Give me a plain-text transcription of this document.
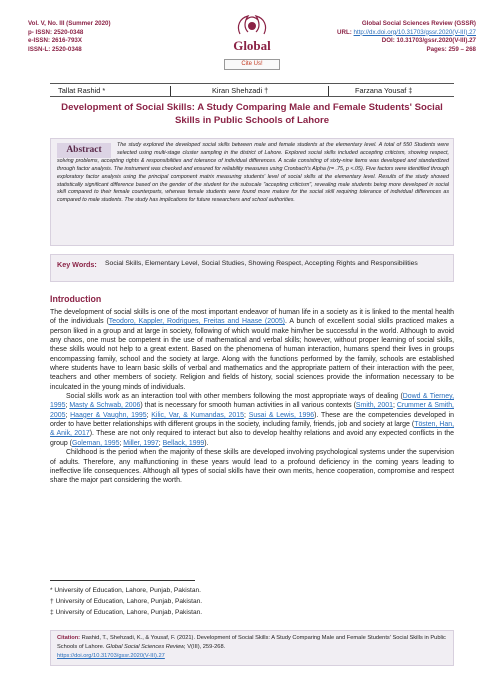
Vol. V, No. III (Summer 2020)
p- ISSN: 2520-0348
e-ISSN: 2616-793X
ISSN-L: 2520-0348	Global
Cite Us!
Global Social Sciences Review (GSSR)
URL: http://dx.doi.org/10.31703/gssr.2020(V-III).27
DOI: 10.31703/gssr.2020(V-III).27
Pages: 259 – 268
Tallat Rashid *	Kiran Shehzadi †	Farzana Yousaf ‡
Development of Social Skills: A Study Comparing Male and Female Students' Social Skills in Public Schools of Lahore
The study explored the developed social skills between male and female students at the elementary level. A total of 550 Students were selected using multi-stage cluster sampling in the district of Lahore. Explored social skills included accepting criticism, showing respect, solving problems, accepting rights & responsibilities and tolerance of individual differences. A scale consisting of sixty-nine items was developed and standardized through factor analysis. The instrument was checked and ensured for reliability measures using Cronbach's Alpha (r= .75, p <.05). Five factors were identified through exploratory factor analysis using the principal component matrix measuring students' level of social skills at the elementary level. Results of the study showed statistically significant difference based on the gender of the student for the subscale "accepting criticism", revealing male students being more developed in social skill compared to their female counterparts, whereas female students were found more mature for the social skill requiring tolerance of individual differences as compared to male students. The study has implications for future researchers and school authorities.
Abstract
Key Words: Social Skills, Elementary Level, Social Studies, Showing Respect, Accepting Rights and Responsibilities
Introduction

The development of social skills is one of the most important endeavor of human life in a society as it is linked to the mental health of the individuals (Teodoro, Kappler, Rodrigues, Freitas and Haase (2005). A bunch of excellent social skills practiced makes a person liked in a group and at large in society, following of which would make him/her be successful in the world. Although to avoid any chaos, one must be competent in the use of mathematical and verbal skills; however, without proper learning of social skills, these skills would not help to a great extent. Based on the phenomena of human interaction, humans spend their lives in groups encompassing family, school and the society at large. Along with the functions performed by the family, schools are established where students have to learn basic skills of verbal and mathematics and the appropriate pattern of their interaction with the peer, teachers and other members of society. Religion and fields of history, social sciences provide the information necessary to be inculcated in the young minds of individuals.

Social skills work as an interaction tool with other members following the most appropriate ways of dealing (Dowd & Tierney, 1995; Masty & Schwab, 2006) that is necessary for smooth human activities in all various contexts (Smith, 2001; Crummer & Smith, 2005; Haager & Vaughn, 1995; Kilic, Var, & Kumandas, 2015; Susai & Lewis, 1996). These are the competencies developed in order to have better relationships with different groups in the society, including family, friends, job and society at large (Tösten, Han, & Anik, 2017). These are not only required to interact but also to develop healthy relations and avoid any expected conflicts in the group (Goleman, 1995; Miller, 1997; Bellack, 1999).

Childhood is the period when the majority of these skills are developed involving psychological systems under the supervision of adults. Therefore, any malfunctioning in these years would lead to a profound deficiency in the coming years leading to ineffective life consequences. Although all types of social skills have their own merits, hence cooperation, compromise and respect share the major part considering the worth.

* University of Education, Lahore, Punjab, Pakistan.
† University of Education, Lahore, Punjab, Pakistan.
‡ University of Education, Lahore, Punjab, Pakistan.
Citation: Rashid, T., Shehzadi, K., & Yousaf, F. (2021). Development of Social Skills: A Study Comparing Male and Female Students' Social Skills in Public Schools of Lahore. Global Social Sciences Review, V(III), 259-268.
https://doi.org/10.31703/gssr.2020(V-III).27
